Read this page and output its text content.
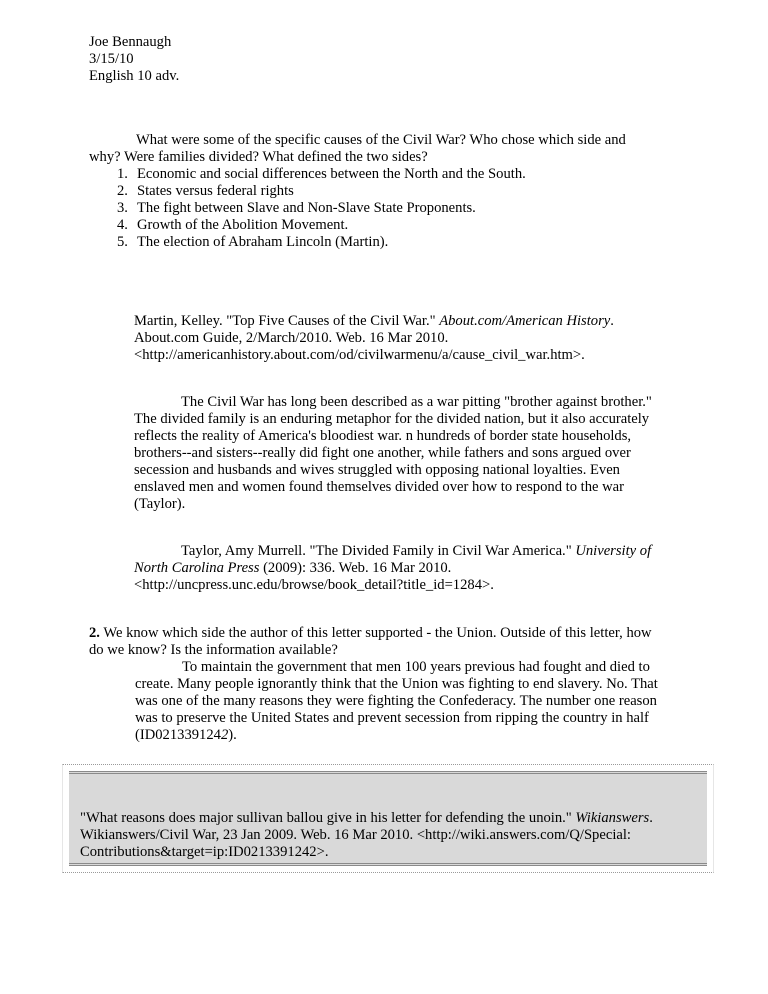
Joe Bennaugh
3/15/10
English 10 adv.
What were some of the specific causes of the Civil War? Who chose which side and
why? Were families divided? What defined the two sides?
1. Economic and social differences between the North and the South.
2. States versus federal rights
3. The fight between Slave and Non-Slave State Proponents.
4. Growth of the Abolition Movement.
5. The election of Abraham Lincoln (Martin).
Martin, Kelley. "Top Five Causes of the Civil War." About.com/American History.
About.com Guide, 2/March/2010. Web. 16 Mar 2010.
<http://americanhistory.about.com/od/civilwarmenu/a/cause_civil_war.htm>.
The Civil War has long been described as a war pitting "brother against brother."
The divided family is an enduring metaphor for the divided nation, but it also accurately
reflects the reality of America's bloodiest war. n hundreds of border state households,
brothers--and sisters--really did fight one another, while fathers and sons argued over
secession and husbands and wives struggled with opposing national loyalties. Even
enslaved men and women found themselves divided over how to respond to the war
(Taylor).
Taylor, Amy Murrell. "The Divided Family in Civil War America." University of
North Carolina Press (2009): 336. Web. 16 Mar 2010.
<http://uncpress.unc.edu/browse/book_detail?title_id=1284>.
2. We know which side the author of this letter supported - the Union. Outside of this letter, how
do we know? Is the information available?
To maintain the government that men 100 years previous had fought and died to
create. Many people ignorantly think that the Union was fighting to end slavery. No. That
was one of the many reasons they were fighting the Confederacy. The number one reason
was to preserve the United States and prevent secession from ripping the country in half
(ID0213391242).
"What reasons does major sullivan ballou give in his letter for defending the unoin." Wikianswers.
Wikianswers/Civil War, 23 Jan 2009. Web. 16 Mar 2010. <http://wiki.answers.com/Q/Special:
Contributions&target=ip:ID0213391242>.
